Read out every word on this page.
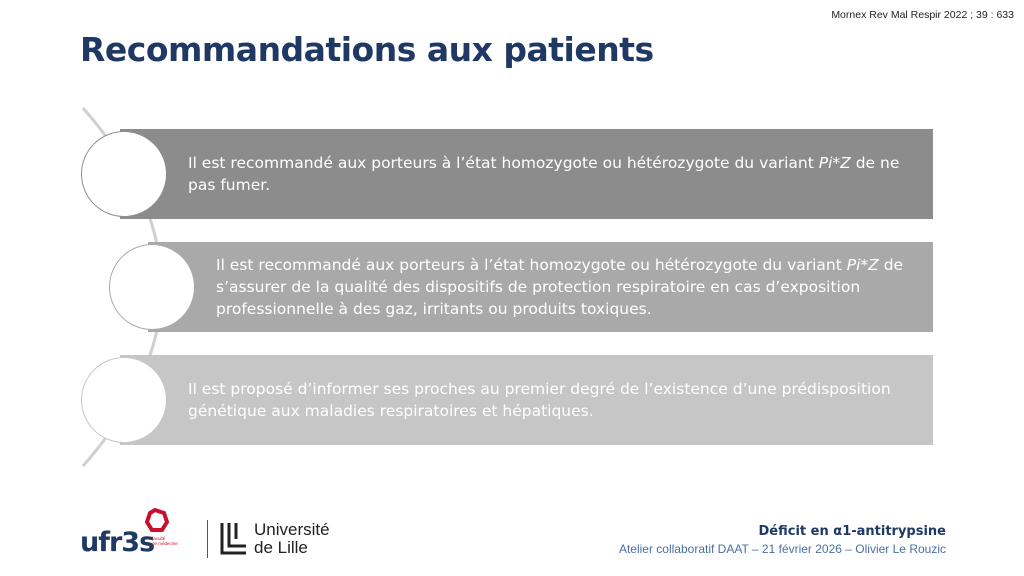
Mornex Rev Mal Respir 2022 ; 39 : 633
Recommandations aux patients
Il est recommandé aux porteurs à l’état homozygote ou hétérozygote du variant Pi*Z de ne pas fumer.
Il est recommandé aux porteurs à l’état homozygote ou hétérozygote du variant Pi*Z de s’assurer de la qualité des dispositifs de protection respiratoire en cas d’exposition professionnelle à des gaz, irritants ou produits toxiques.
Il est proposé d’informer ses proches au premier degré de l’existence d’une prédisposition génétique aux maladies respiratoires et hépatiques.
ufr3s
faculté
de médecine
Université
de Lille
Déficit en α1-antitrypsine
Atelier collaboratif DAAT – 21 février 2026 – Olivier Le Rouzic
